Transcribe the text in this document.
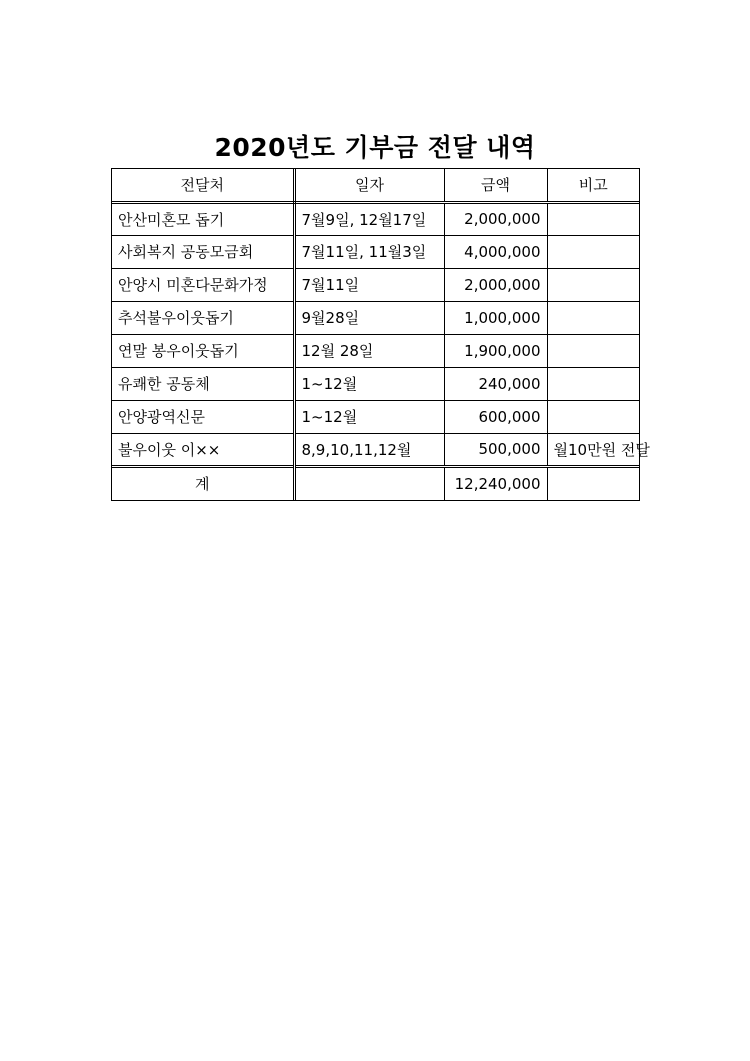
2020년도 기부금 전달 내역
전달처	일자	금액	비고
안산미혼모 돕기	7월9일, 12월17일	2,000,000	
사회복지 공동모금회	7월11일, 11월3일	4,000,000	
안양시 미혼다문화가정	7월11일	2,000,000	
추석불우이웃돕기	9월28일	1,000,000	
연말 봉우이웃돕기	12월 28일	1,900,000	
유쾌한 공동체	1~12월	240,000	
안양광역신문	1~12월	600,000	
불우이웃 이××	8,9,10,11,12월	500,000	월10만원 전달
계		12,240,000	
